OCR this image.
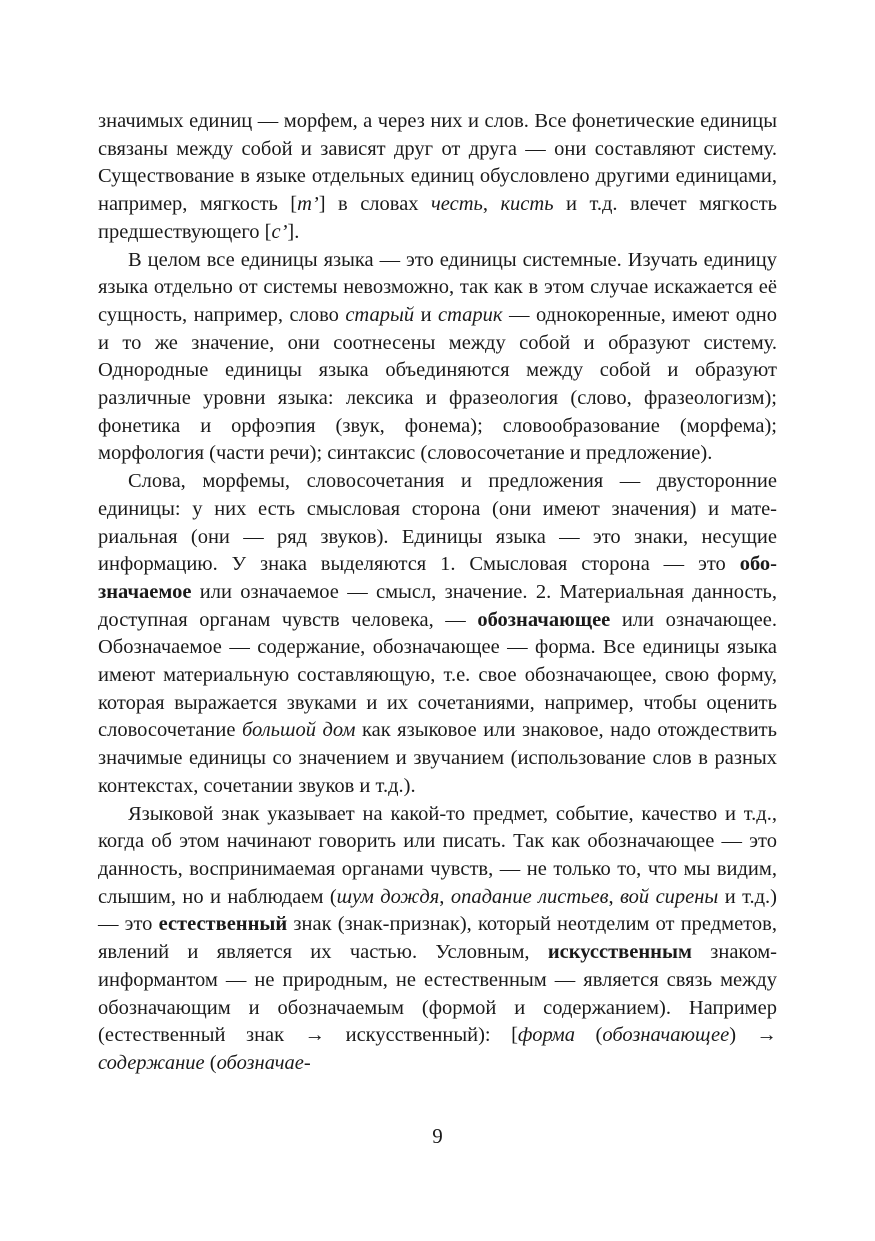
значимых единиц — морфем, а через них и слов. Все фонетические единицы связаны между собой и зависят друг от друга — они составляют систему. Существование в языке отдельных единиц обусловлено другими единицами, например, мягкость [т’] в словах честь, кисть и т.д. влечет мягкость предшествующего [с’].

В целом все единицы языка — это единицы системные. Изучать единицу языка отдельно от системы невозможно, так как в этом случае искажается её сущность, например, слово старый и старик — однокоренные, имеют одно и то же значение, они соотнесены между собой и образуют систему. Однородные единицы языка объединяются между собой и образуют различные уровни языка: лексика и фразеология (слово, фразеологизм); фонетика и орфоэпия (звук, фонема); словообразование (морфема); морфология (части речи); синтаксис (словосочетание и предложение).

Слова, морфемы, словосочетания и предложения — двусторонние единицы: у них есть смысловая сторона (они имеют значения) и материальная (они — ряд звуков). Единицы языка — это знаки, несущие информацию. У знака выделяются 1. Смысловая сторона — это обозначаемое или означаемое — смысл, значение. 2. Материальная данность, доступная органам чувств человека, — обозначающее или означающее. Обозначаемое — содержание, обозначающее — форма. Все единицы языка имеют материальную составляющую, т.е. свое обозначающее, свою форму, которая выражается звуками и их сочетаниями, например, чтобы оценить словосочетание большой дом как языковое или знаковое, надо отождествить значимые единицы со значением и звучанием (использование слов в разных контекстах, сочетании звуков и т.д.).

Языковой знак указывает на какой-то предмет, событие, качество и т.д., когда об этом начинают говорить или писать. Так как обозначающее — это данность, воспринимаемая органами чувств, — не только то, что мы видим, слышим, но и наблюдаем (шум дождя, опадание листьев, вой сирены и т.д.) — это естественный знак (знак-признак), который неотделим от предметов, явлений и является их частью. Условным, искусственным знаком-информантом — не природным, не естественным — является связь между обозначающим и обозначаемым (формой и содержанием). Например (естественный знак → искусственный): [форма (обозначающее) → содержание (обозначае-

9
